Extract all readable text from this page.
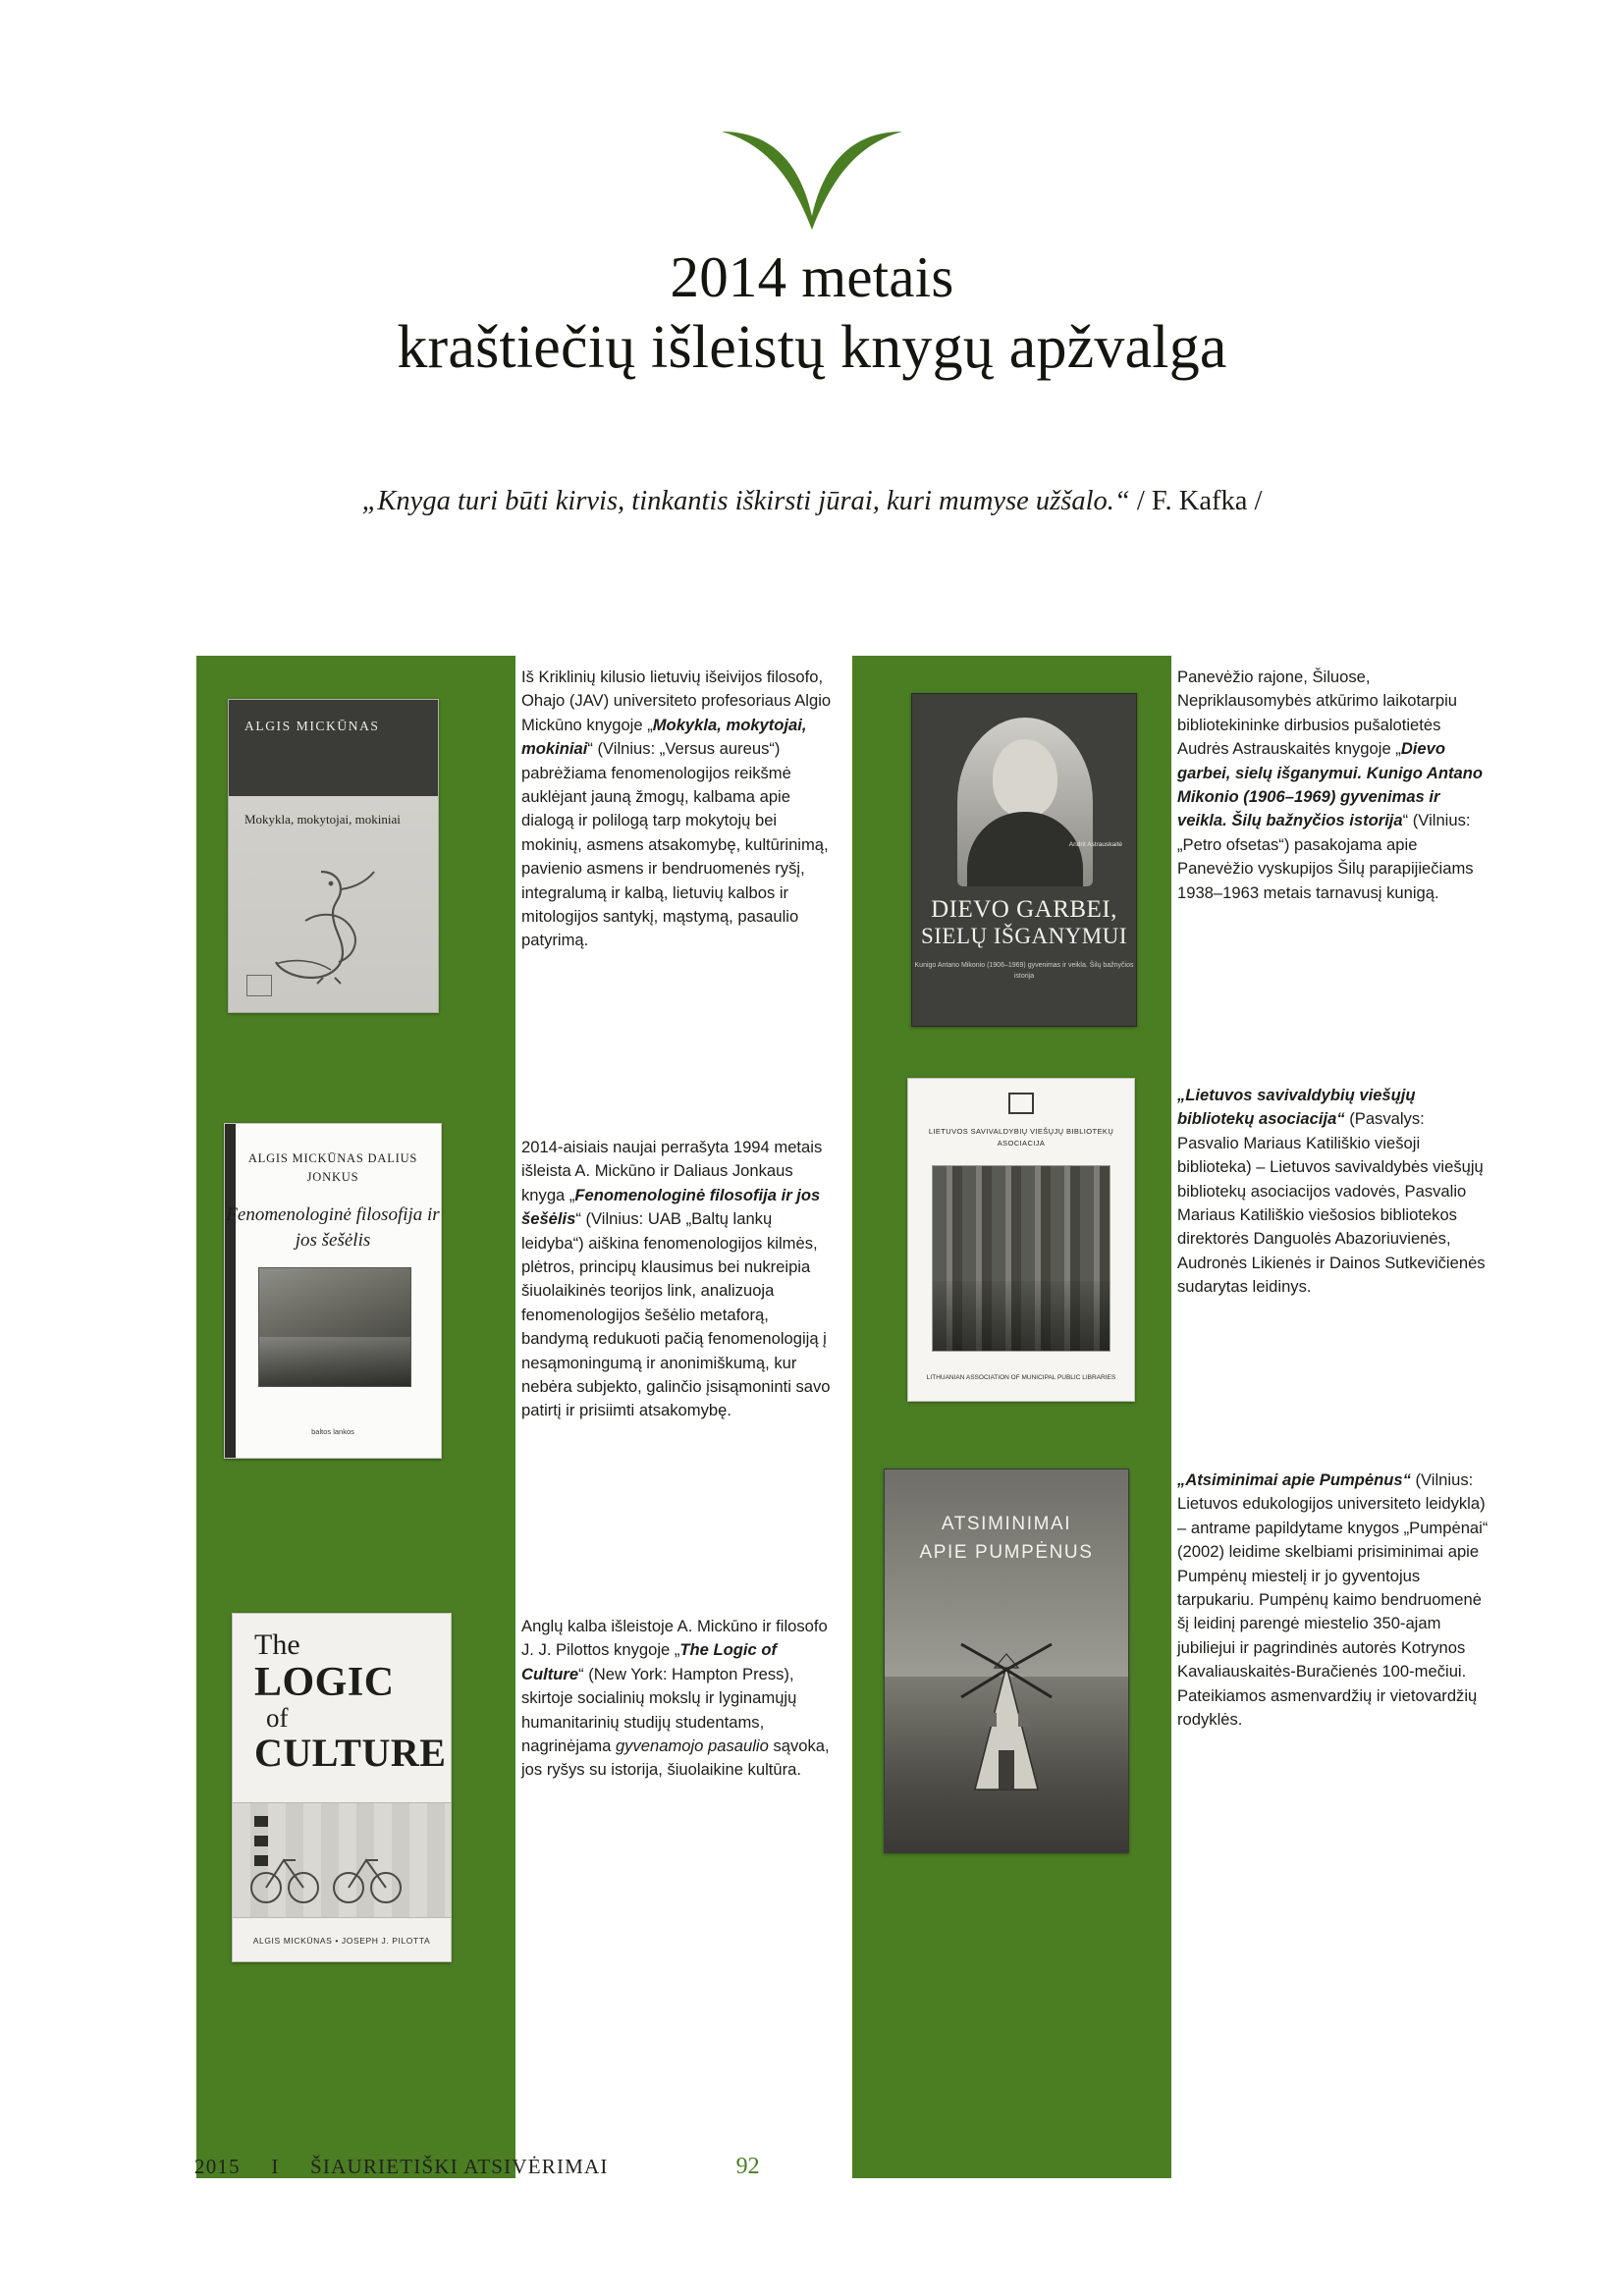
2014 metais
kraštiečių išleistų knygų apžvalga
„Knyga turi būti kirvis, tinkantis iškirsti jūrai, kuri mumyse užšalo.“ / F. Kafka /
ALGIS MICKŪNAS
Mokykla, mokytojai, mokiniai
ALGIS MICKŪNAS DALIUS JONKUS
Fenomenologinė filosofija ir jos šešėlis
baltos lankos
The
LOGIC
of
CULTURE
ALGIS MICKŪNAS • JOSEPH J. PILOTTA
Andrit Astrauskaitė
DIEVO GARBEI,
SIELŲ IŠGANYMUI
Kunigo Antano Mikonio (1906–1969) gyvenimas ir veikla. Šilų bažnyčios istorija
LIETUVOS SAVIVALDYBIŲ VIEŠŲJŲ BIBLIOTEKŲ ASOCIACIJA
LITHUANIAN ASSOCIATION OF MUNICIPAL PUBLIC LIBRARIES
ATSIMINIMAI
APIE PUMPĖNUS

Iš Kriklinių kilusio lietuvių išeivijos filosofo, Ohajo (JAV) universiteto profesoriaus Algio Mickūno knygoje „Mokykla, mokytojai, mokiniai“ (Vilnius: „Versus aureus“) pabrėžiama fenomenologijos reikšmė auklėjant jauną žmogų, kalbama apie dialogą ir polilogą tarp mokytojų bei mokinių, asmens atsakomybę, kultūrinimą, pavienio asmens ir bendruomenės ryšį, integralumą ir kalbą, lietuvių kalbos ir mitologijos santykį, mąstymą, pasaulio patyrimą.

2014-aisiais naujai perrašyta 1994 metais išleista A. Mickūno ir Daliaus Jonkaus knyga „Fenomenologinė filosofija ir jos šešėlis“ (Vilnius: UAB „Baltų lankų leidyba“) aiškina fenomenologijos kilmės, plėtros, principų klausimus bei nukreipia šiuolaikinės teorijos link, analizuoja fenomenologijos šešėlio metaforą, bandymą redukuoti pačią fenomenologiją į nesąmoningumą ir anonimiškumą, kur nebėra subjekto, galinčio įsisąmoninti savo patirtį ir prisiimti atsakomybę.

Anglų kalba išleistoje A. Mickūno ir filosofo J. J. Pilottos knygoje „The Logic of Culture“ (New York: Hampton Press), skirtoje socialinių mokslų ir lyginamųjų humanitarinių studijų studentams, nagrinėjama gyvenamojo pasaulio sąvoka, jos ryšys su istorija, šiuolaikine kultūra.

Panevėžio rajone, Šiluose, Nepriklausomybės atkūrimo laikotarpiu bibliotekininke dirbusios pušalotietės Audrės Astrauskaitės knygoje „Dievo garbei, sielų išganymui. Kunigo Antano Mikonio (1906–1969) gyvenimas ir veikla. Šilų bažnyčios istorija“ (Vilnius: „Petro ofsetas“) pasakojama apie Panevėžio vyskupijos Šilų parapijiečiams 1938–1963 metais tarnavusį kunigą.

„Lietuvos savivaldybių viešųjų bibliotekų asociacija“ (Pasvalys: Pasvalio Mariaus Katiliškio viešoji biblioteka) – Lietuvos savivaldybės viešųjų bibliotekų asociacijos vadovės, Pasvalio Mariaus Katiliškio viešosios bibliotekos direktorės Danguolės Abazoriuvienės, Audronės Likienės ir Dainos Sutkevičienės sudarytas leidinys.

„Atsiminimai apie Pumpėnus“ (Vilnius: Lietuvos edukologijos universiteto leidykla) – antrame papildytame knygos „Pumpėnai“ (2002) leidime skelbiami prisiminimai apie Pumpėnų miestelį ir jo gyventojus tarpukariu. Pumpėnų kaimo bendruomenė šį leidinį parengė miestelio 350-ajam jubiliejui ir pagrindinės autorės Kotrynos Kavaliauskaitės-Buračienės 100-mečiui. Pateikiamos asmenvardžių ir vietovardžių rodyklės.

2015 ◆ I ◆ ŠIAURIETIŠKI ATSIVĖRIMAI	92
